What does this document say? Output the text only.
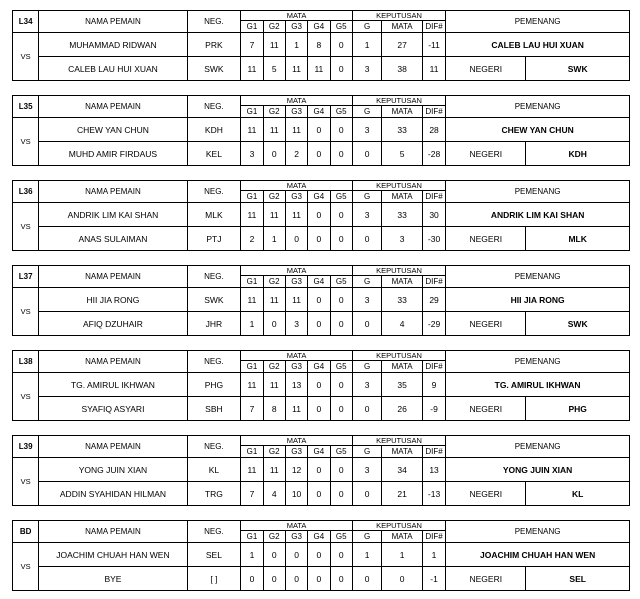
L34	NAMA PEMAIN	NEG.	MATA					KEPUTUSAN			PEMENANG	
			G1	G2	G3	G4	G5	G	MATA	DIF#		
VS	MUHAMMAD RIDWAN	PRK	7	11	1	8	0	1	27	-11	CALEB LAU HUI XUAN	
	CALEB LAU HUI XUAN	SWK	11	5	11	11	0	3	38	11	NEGERI	SWK
L35	NAMA PEMAIN	NEG.	MATA					KEPUTUSAN			PEMENANG	
			G1	G2	G3	G4	G5	G	MATA	DIF#		
VS	CHEW YAN CHUN	KDH	11	11	11	0	0	3	33	28	CHEW YAN CHUN	
	MUHD AMIR FIRDAUS	KEL	3	0	2	0	0	0	5	-28	NEGERI	KDH
L36	NAMA PEMAIN	NEG.	MATA					KEPUTUSAN			PEMENANG	
			G1	G2	G3	G4	G5	G	MATA	DIF#		
VS	ANDRIK LIM KAI SHAN	MLK	11	11	11	0	0	3	33	30	ANDRIK LIM KAI SHAN	
	ANAS SULAIMAN	PTJ	2	1	0	0	0	0	3	-30	NEGERI	MLK
L37	NAMA PEMAIN	NEG.	MATA					KEPUTUSAN			PEMENANG	
			G1	G2	G3	G4	G5	G	MATA	DIF#		
VS	HII JIA RONG	SWK	11	11	11	0	0	3	33	29	HII JIA RONG	
	AFIQ DZUHAIR	JHR	1	0	3	0	0	0	4	-29	NEGERI	SWK
L38	NAMA PEMAIN	NEG.	MATA					KEPUTUSAN			PEMENANG	
			G1	G2	G3	G4	G5	G	MATA	DIF#		
VS	TG. AMIRUL IKHWAN	PHG	11	11	13	0	0	3	35	9	TG. AMIRUL IKHWAN	
	SYAFIQ ASYARI	SBH	7	8	11	0	0	0	26	-9	NEGERI	PHG
L39	NAMA PEMAIN	NEG.	MATA					KEPUTUSAN			PEMENANG	
			G1	G2	G3	G4	G5	G	MATA	DIF#		
VS	YONG JUIN XIAN	KL	11	11	12	0	0	3	34	13	YONG JUIN XIAN	
	ADDIN SYAHIDAN HILMAN	TRG	7	4	10	0	0	0	21	-13	NEGERI	KL
BD	NAMA PEMAIN	NEG.	MATA					KEPUTUSAN			PEMENANG	
			G1	G2	G3	G4	G5	G	MATA	DIF#		
VS	JOACHIM CHUAH HAN WEN	SEL	1	0	0	0	0	1	1	1	JOACHIM CHUAH HAN WEN	
	BYE	[ ]	0	0	0	0	0	0	0	-1	NEGERI	SEL
